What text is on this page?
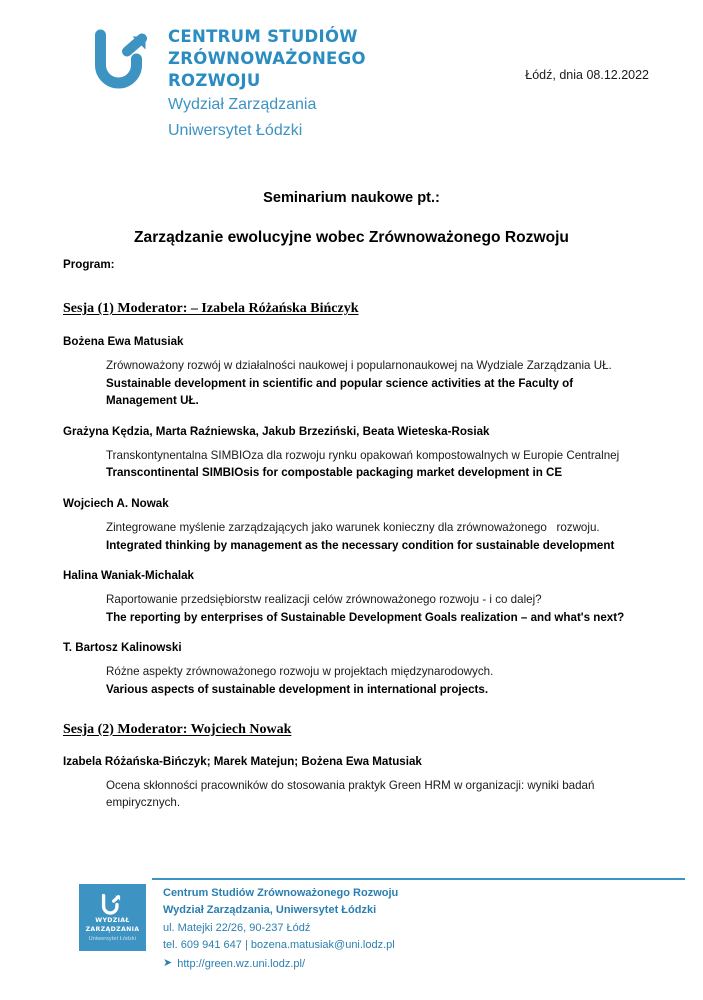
CENTRUM STUDIÓW
ZRÓWNOWAŻONEGO
ROZWOJU
Wydział Zarządzania
Uniwersytet Łódzki
Łódź, dnia 08.12.2022
Seminarium naukowe pt.:
Zarządzanie ewolucyjne wobec Zrównoważonego Rozwoju
Program:
Sesja (1) Moderator: – Izabela Różańska Bińczyk
Bożena Ewa Matusiak
Zrównoważony rozwój w działalności naukowej i popularnonaukowej na Wydziale Zarządzania UŁ.
Sustainable development in scientific and popular science activities at the Faculty of Management UŁ.
Grażyna Kędzia, Marta Raźniewska, Jakub Brzeziński, Beata Wieteska-Rosiak
Transkontynentalna SIMBIOza dla rozwoju rynku opakowań kompostowalnych w Europie Centralnej
Transcontinental SIMBIOsis for compostable packaging market development in CE
Wojciech A. Nowak
Zintegrowane myślenie zarządzających jako warunek konieczny dla zrównoważonego   rozwoju.
Integrated thinking by management as the necessary condition for sustainable development
Halina Waniak-Michalak
Raportowanie przedsiębiorstw realizacji celów zrównoważonego rozwoju - i co dalej?
The reporting by enterprises of Sustainable Development Goals realization – and what's next?
T. Bartosz Kalinowski
Różne aspekty zrównoważonego rozwoju w projektach międzynarodowych.
Various aspects of sustainable development in international projects.
Sesja (2) Moderator: Wojciech Nowak
Izabela Różańska-Bińczyk; Marek Matejun; Bożena Ewa Matusiak
Ocena skłonności pracowników do stosowania praktyk Green HRM w organizacji: wyniki badań empirycznych.
WYDZIAŁ
ZARZĄDZANIA
Uniwersytet Łódzki
Centrum Studiów Zrównoważonego Rozwoju
Wydział Zarządzania, Uniwersytet Łódzki
ul. Matejki 22/26, 90-237 Łódź
tel. 609 941 647 | bozena.matusiak@uni.lodz.pl
➤ http://green.wz.uni.lodz.pl/
